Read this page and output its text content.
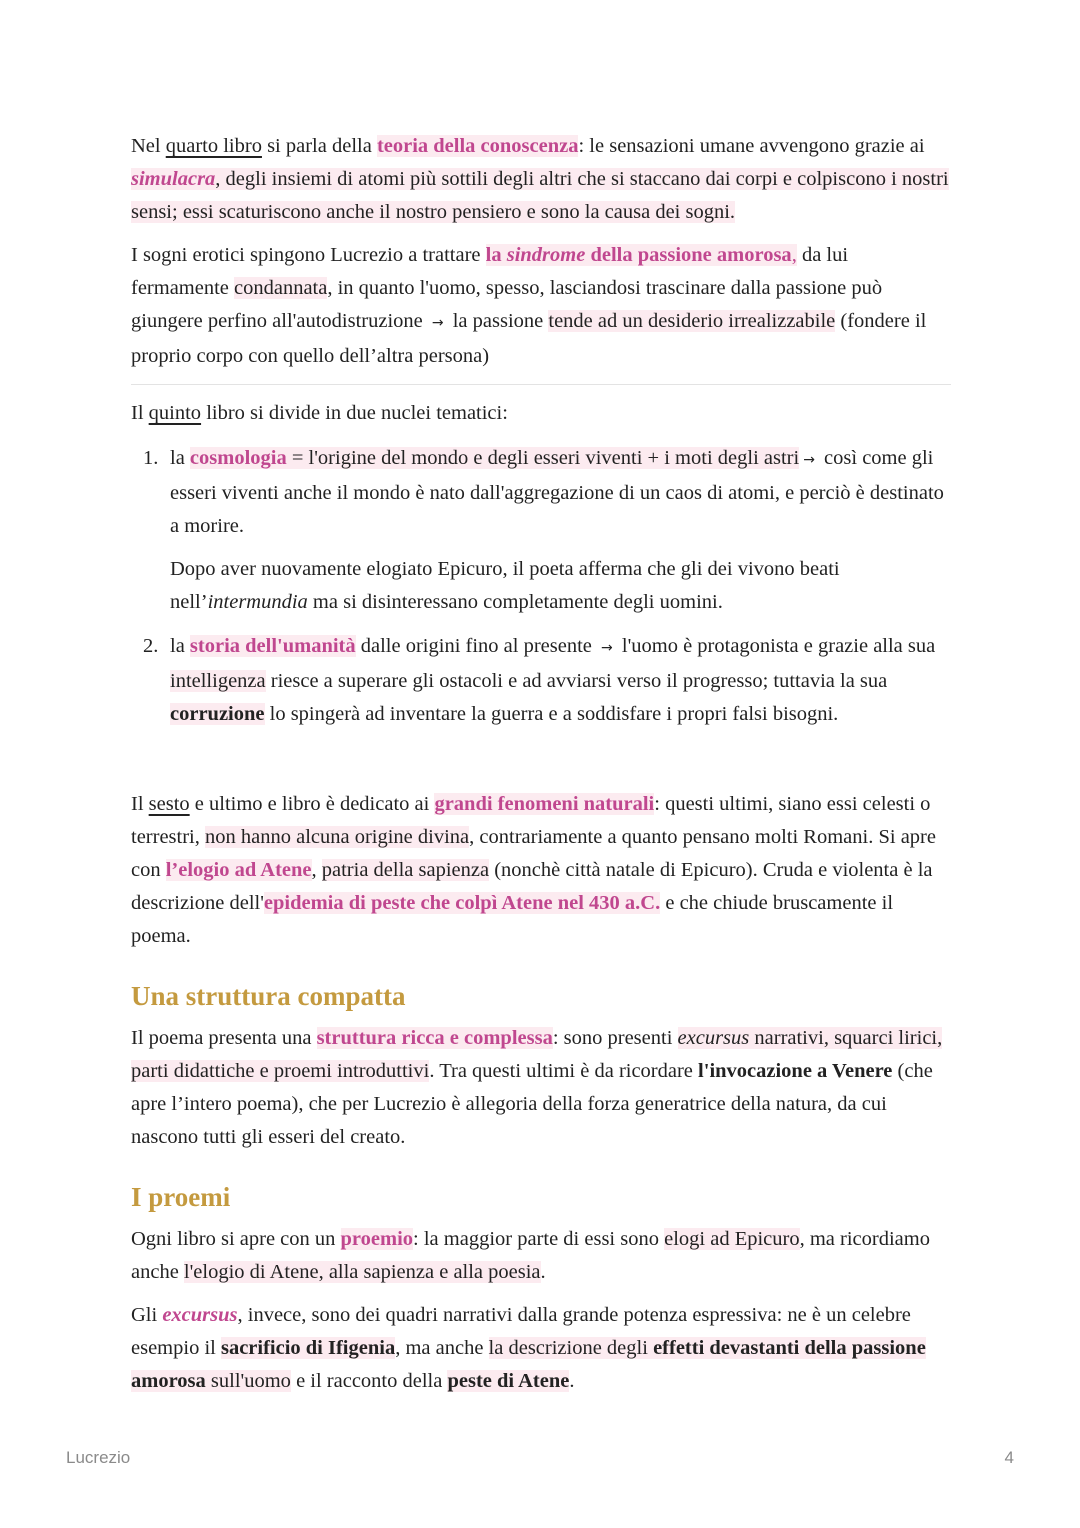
Nel quarto libro si parla della teoria della conoscenza: le sensazioni umane avvengono grazie ai simulacra, degli insiemi di atomi più sottili degli altri che si staccano dai corpi e colpiscono i nostri sensi; essi scaturiscono anche il nostro pensiero e sono la causa dei sogni.

I sogni erotici spingono Lucrezio a trattare la sindrome della passione amorosa, da lui fermamente condannata, in quanto l'uomo, spesso, lasciandosi trascinare dalla passione può giungere perfino all'autodistruzione → la passione tende ad un desiderio irrealizzabile (fondere il proprio corpo con quello dell’altra persona)

Il quinto libro si divide in due nuclei tematici:

1. la cosmologia = l'origine del mondo e degli esseri viventi + i moti degli astri → così come gli esseri viventi anche il mondo è nato dall'aggregazione di un caos di atomi, e perciò è destinato a morire.

Dopo aver nuovamente elogiato Epicuro, il poeta afferma che gli dei vivono beati nell’intermundia ma si disinteressano completamente degli uomini.

2. la storia dell'umanità dalle origini fino al presente → l'uomo è protagonista e grazie alla sua intelligenza riesce a superare gli ostacoli e ad avviarsi verso il progresso; tuttavia la sua corruzione lo spingerà ad inventare la guerra e a soddisfare i propri falsi bisogni.

Il sesto e ultimo e libro è dedicato ai grandi fenomeni naturali: questi ultimi, siano essi celesti o terrestri, non hanno alcuna origine divina, contrariamente a quanto pensano molti Romani. Si apre con l’elogio ad Atene, patria della sapienza (nonchè città natale di Epicuro). Cruda e violenta è la descrizione dell'epidemia di peste che colpì Atene nel 430 a.C. e che chiude bruscamente il poema.

Una struttura compatta

Il poema presenta una struttura ricca e complessa: sono presenti excursus narrativi, squarci lirici, parti didattiche e proemi introduttivi. Tra questi ultimi è da ricordare l'invocazione a Venere (che apre l’intero poema), che per Lucrezio è allegoria della forza generatrice della natura, da cui nascono tutti gli esseri del creato.

I proemi

Ogni libro si apre con un proemio: la maggior parte di essi sono elogi ad Epicuro, ma ricordiamo anche l'elogio di Atene, alla sapienza e alla poesia.

Gli excursus, invece, sono dei quadri narrativi dalla grande potenza espressiva: ne è un celebre esempio il sacrificio di Ifigenia, ma anche la descrizione degli effetti devastanti della passione amorosa sull'uomo e il racconto della peste di Atene.

Lucrezio	4
